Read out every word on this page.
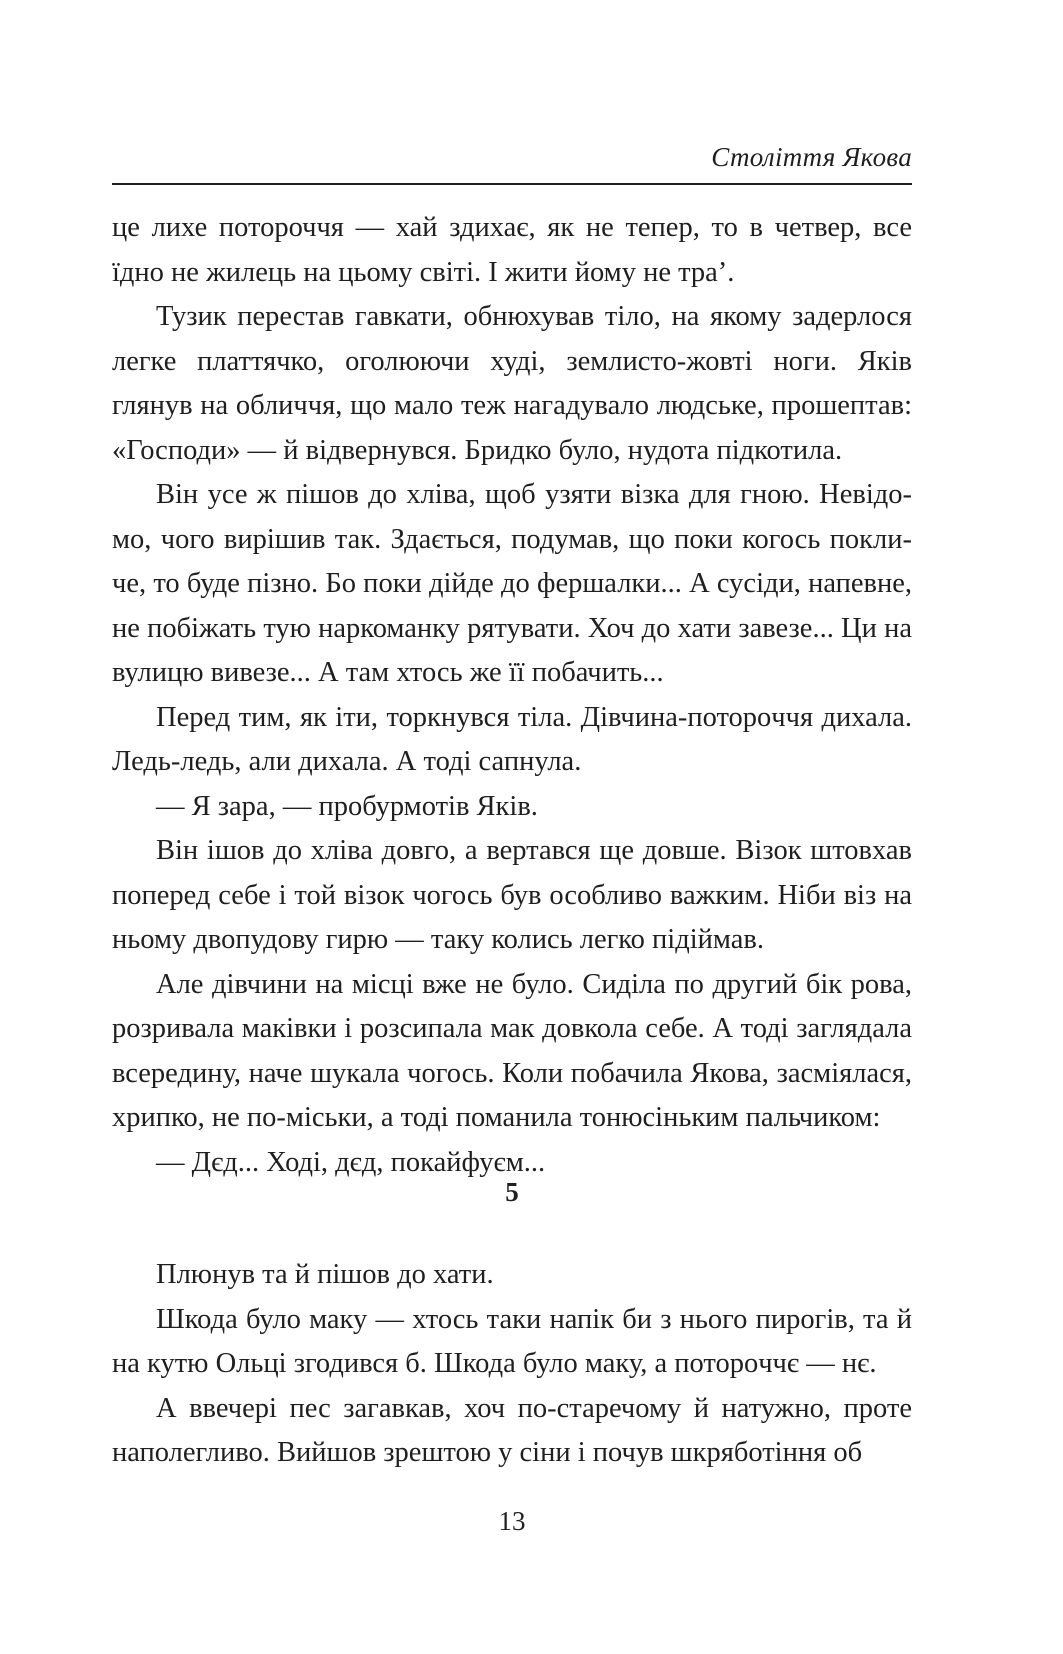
Століття Якова

це лихе потороччя — хай здихає, як не тепер, то в четвер, все їдно не жилець на цьому світі. І жити йому не тра’.

Тузик перестав гавкати, обнюхував тіло, на якому задерлося легке платтячко, оголюючи худі, землисто-жовті ноги. Яків глянув на обличчя, що мало теж нагадувало людське, прошептав: «Господи» — й відвернувся. Бридко було, нудота підкотила.

Він усе ж пішов до хліва, щоб узяти візка для гною. Невідомо, чого вирішив так. Здається, подумав, що поки когось покличе, то буде пізно. Бо поки дійде до фершалки... А сусіди, напевне, не побіжать тую наркоманку рятувати. Хоч до хати завезе... Ци на вулицю вивезе... А там хтось же її побачить...

Перед тим, як іти, торкнувся тіла. Дівчина-поторoччя дихала. Ледь-ледь, али дихала. А тоді сапнула.

— Я зара, — пробурмотів Яків.

Він ішов до хліва довго, а вертався ще довше. Візок штовхав поперед себе і той візок чогось був особливо важким. Ніби віз на ньому двопудову гирю — таку колись легко підіймав.

Але дівчини на місці вже не було. Сиділа по другий бік рова, розривала маківки і розсипала мак довкола себе. А тоді заглядала всередину, наче шукала чогось. Коли побачила Якова, засміялася, хрипко, не по-міськи, а тоді поманила тонюсіньким пальчиком:

— Дєд... Ході, дєд, покайфуєм...

5

Плюнув та й пішов до хати.

Шкода було маку — хтось таки напік би з нього пирогів, та й на кутю Ольці згодився б. Шкода було маку, а поторoччє — нє.

А ввечері пес загавкав, хоч по-старечому й натужно, проте наполегливо. Вийшов зрештою у сіни і почув шкряботіння об

13
